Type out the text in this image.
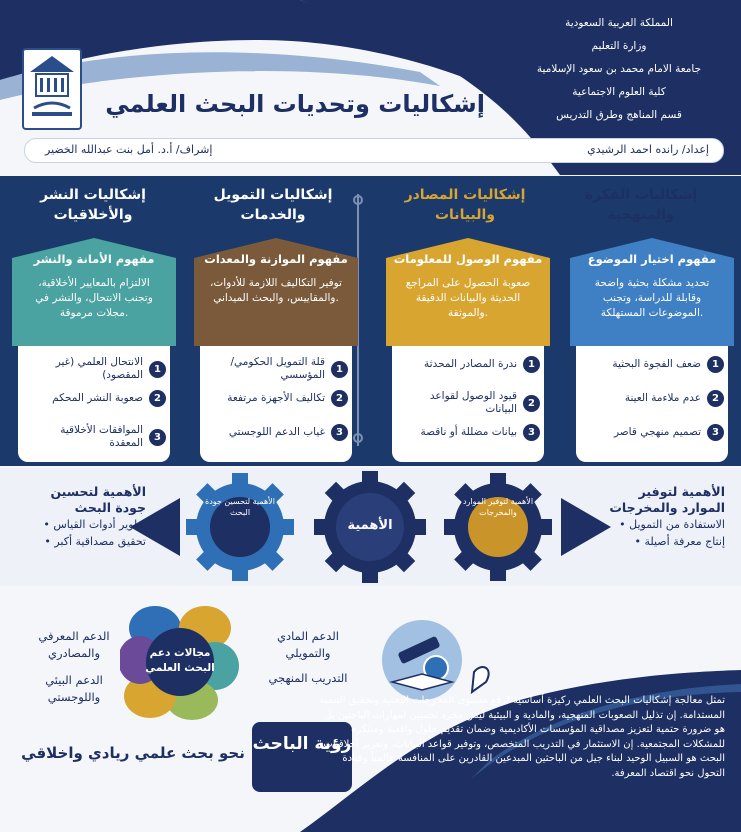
المملكة العربية السعودية
وزارة التعليم
جامعة الامام محمد بن سعود الإسلامية
كلية العلوم الاجتماعية
قسم المناهج وطرق التدريس
إشكاليات وتحديات البحث العلمي
إعداد/ رانده احمد الرشيدي
إشراف/ أ.د. أمل بنت عبدالله الخضير
إشكاليات الفكرة والمنهجية
مفهوم اختيار الموضوع
تحديد مشكلة بحثية واضحة وقابلة للدراسة، وتجنب الموضوعات المستهلكة.
1
ضعف الفجوة البحثية
2
عدم ملاءمة العينة
3
تصميم منهجي قاصر
إشكاليات المصادر والبيانات
مفهوم الوصول للمعلومات
صعوبة الحصول على المراجع الحديثة والبيانات الدقيقة والموثقة.
1
ندرة المصادر المحدثة
2
قيود الوصول لقواعد البيانات
3
بيانات مضللة أو ناقصة
إشكاليات التمويل والخدمات
مفهوم الموازنة والمعدات
توفير التكاليف اللازمة للأدوات، والمقاييس، والبحث الميداني.
1
قلة التمويل الحكومي/المؤسسي
2
تكاليف الأجهزة مرتفعة
3
غياب الدعم اللوجستي
إشكاليات النشر والأخلاقيات
مفهوم الأمانة والنشر
الالتزام بالمعايير الأخلاقية، وتجنب الانتحال، والنشر في مجلات مرموقة.
1
الانتحال العلمي (غير المقصود)
2
صعوبة النشر المحكم
3
الموافقات الأخلاقية المعقدة
الأهمية لتحسين جودة البحث
الأهمية
الأهمية لتوفير الموارد والمخرجات
الأهمية لتوفير الموارد والمخرجات
• الاستفادة من التمويل
• إنتاج معرفة أصيلة
الأهمية لتحسين جودة البحث
• تطوير أدوات القياس
• تحقيق مصداقية أكبر
مجالات دعم البحث العلمي
الدعم المعرفي والمصادري
الدعم البيئي واللوجستي
الدعم المادي والتمويلي
التدريب المنهجي
رؤية الباحث
نحو بحث علمي ريادي واخلاقي
تمثل معالجة إشكاليات البحث العلمي ركيزة أساسية لرفع مستوى المخرجات البحثية وتحقيق التنمية المستدامة. إن تذليل الصعوبات المنهجية، والمادية و البيئية ليس مجرد تحسين لمهارات الباحثين بل هو ضرورة حتمية لتعزيز مصداقية المؤسسات الأكاديمية وضمان تقديم حلول واقعية ومبتكرة للمشكلات المجتمعية. إن الاستثمار في التدريب المتخصص، وتوفير قواعد البيانات، وتعزيز أخلاقيات البحث هو السبيل الوحيد لبناء جيل من الباحثين المبدعين القادرين على المنافسة عالمياً وقيادة التحول نحو اقتصاد المعرفة.
